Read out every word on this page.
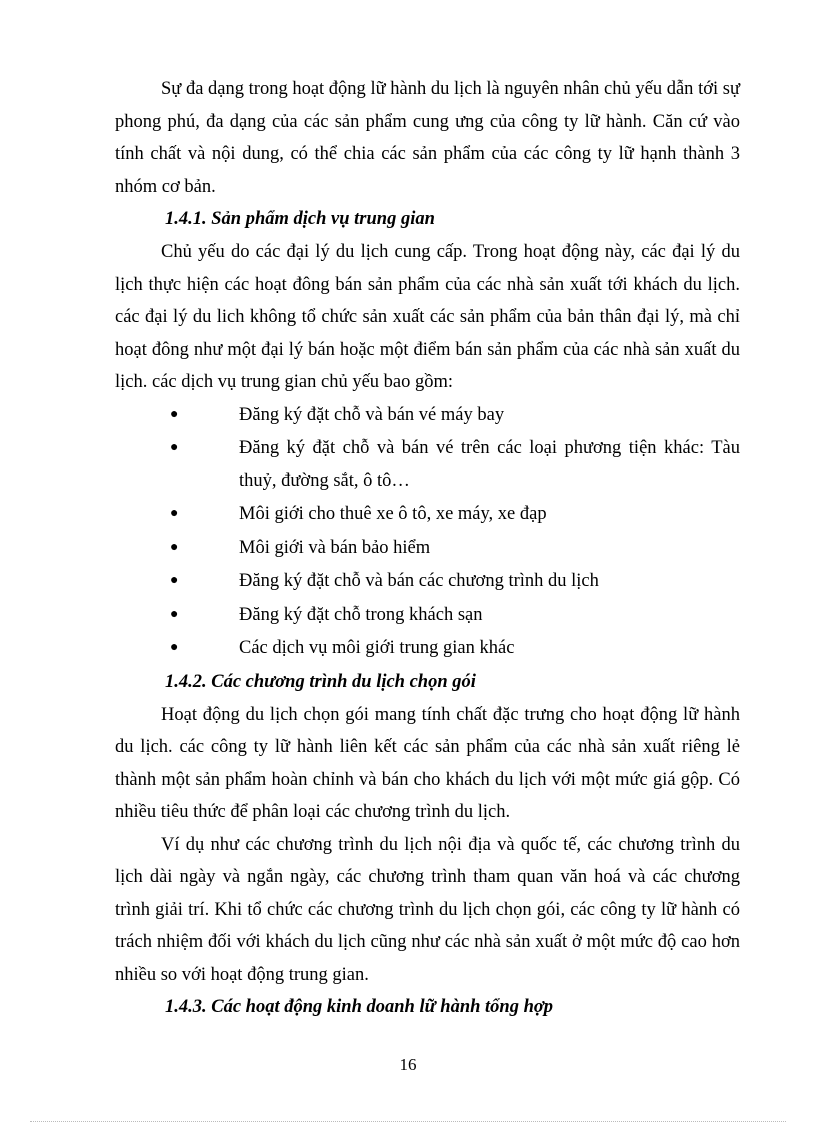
Sự đa dạng trong hoạt động lữ hành du lịch là nguyên nhân chủ yếu dẫn tới sự phong phú, đa dạng của các sản phẩm cung ưng của công ty lữ hành. Căn cứ vào tính chất và nội dung, có thể chia các sản phẩm của các công ty lữ hạnh thành 3 nhóm cơ bản.

1.4.1. Sản phẩm dịch vụ trung gian

Chủ yếu do các đại lý du lịch cung cấp. Trong hoạt động này, các đại lý du lịch thực hiện các hoạt đông bán sản phẩm của các nhà sản xuất tới khách du lịch. các đại lý du lich không tổ chức sản xuất các sản phẩm của bản thân đại lý, mà chỉ hoạt đông như một đại lý bán hoặc một điểm bán sản phẩm của các nhà sản xuất du lịch. các dịch vụ trung gian chủ yếu bao gồm:

●	Đăng ký đặt chỗ và bán vé máy bay
●	Đăng ký đặt chỗ và bán vé trên các loại phương tiện khác: Tàu thuỷ, đường sắt, ô tô…
●	Môi giới cho thuê xe ô tô, xe máy, xe đạp
●	Môi giới và bán bảo hiểm
●	Đăng ký đặt chỗ và bán các chương trình du lịch
●	Đăng ký đặt chỗ trong khách sạn
●	Các dịch vụ môi giới trung gian khác
1.4.2. Các chương trình du lịch chọn gói

Hoạt động du lịch chọn gói mang tính chất đặc trưng cho hoạt động lữ hành du lịch. các công ty lữ hành liên kết các sản phẩm của các nhà sản xuất riêng lẻ thành một sản phẩm hoàn chỉnh và bán cho khách du lịch với một mức giá gộp. Có nhiều tiêu thức để phân loại các chương trình du lịch.

Ví dụ như các chương trình du lịch nội địa và quốc tế, các chương trình du lịch dài ngày và ngắn ngày, các chương trình tham quan văn hoá và các chương trình giải trí. Khi tổ chức các chương trình du lịch chọn gói, các công ty lữ hành có trách nhiệm đối với khách du lịch cũng như các nhà sản xuất ở một mức độ cao hơn nhiều so với hoạt động trung gian.

1.4.3. Các hoạt động kinh doanh lữ hành tổng hợp
16
